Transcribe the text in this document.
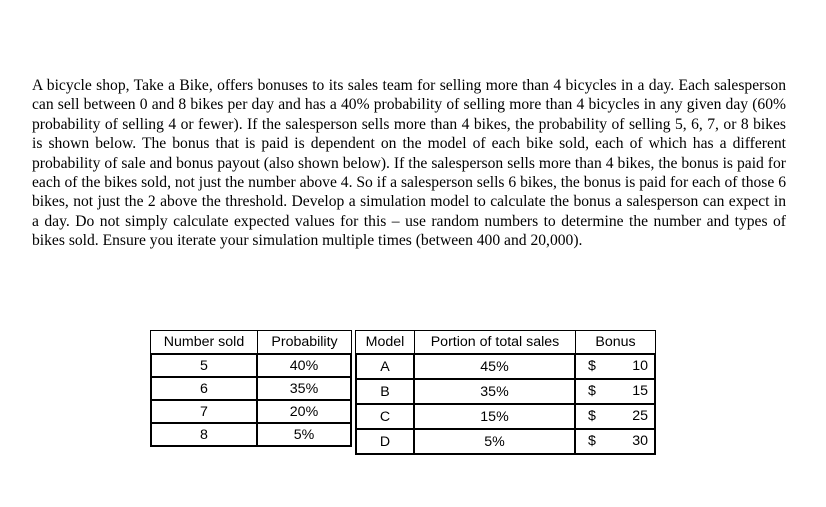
A bicycle shop, Take a Bike, offers bonuses to its sales team for selling more than 4 bicycles in a day. Each salesperson can sell between 0 and 8 bikes per day and has a 40% probability of selling more than 4 bicycles in any given day (60% probability of selling 4 or fewer). If the salesperson sells more than 4 bikes, the probability of selling 5, 6, 7, or 8 bikes is shown below. The bonus that is paid is dependent on the model of each bike sold, each of which has a different probability of sale and bonus payout (also shown below). If the salesperson sells more than 4 bikes, the bonus is paid for each of the bikes sold, not just the number above 4. So if a salesperson sells 6 bikes, the bonus is paid for each of those 6 bikes, not just the 2 above the threshold. Develop a simulation model to calculate the bonus a salesperson can expect in a day. Do not simply calculate expected values for this – use random numbers to determine the number and types of bikes sold. Ensure you iterate your simulation multiple times (between 400 and 20,000).

Number sold	Probability
5	40%
6	35%
7	20%
8	5%
Model	Portion of total sales	Bonus
A	45%	$ 10

B	35%	$ 15

C	15%	$ 25

D	5%	$ 30
